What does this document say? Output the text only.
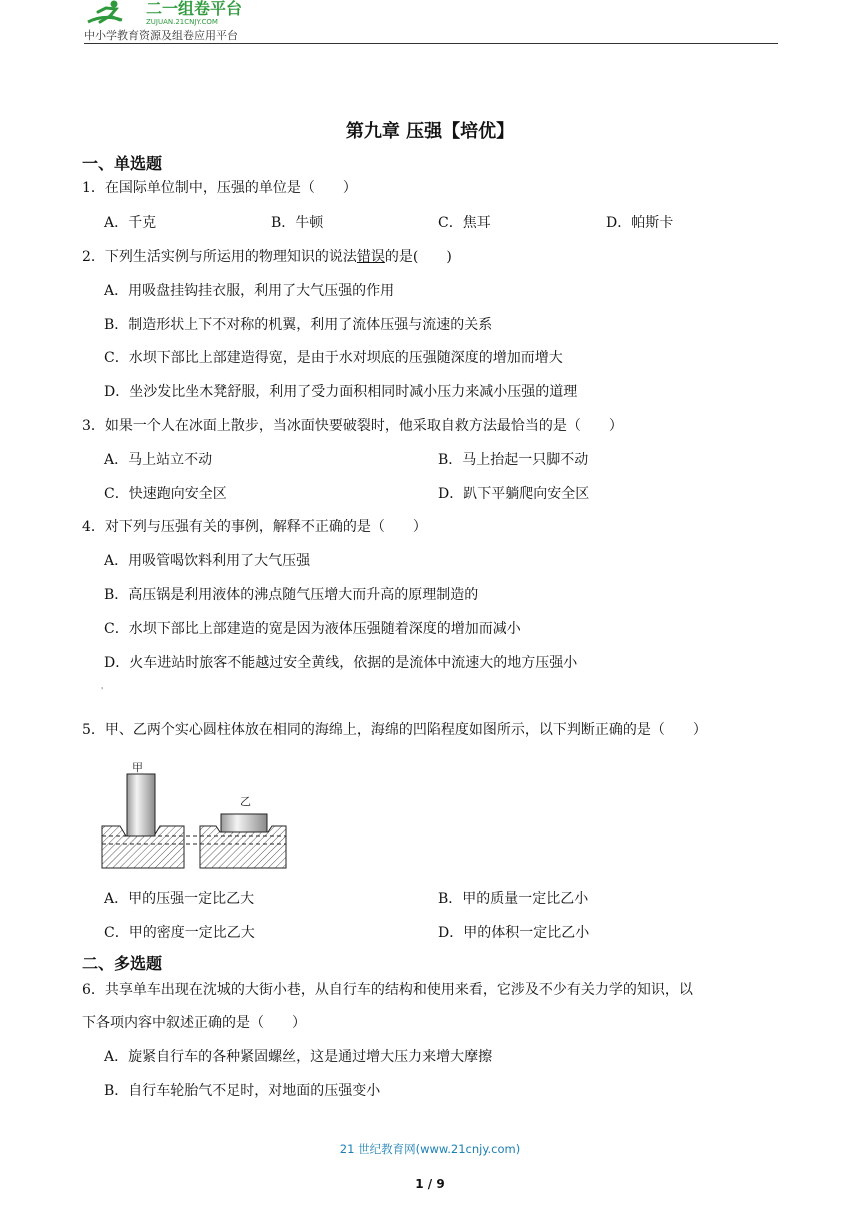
二一组卷平台
ZUJUAN.21CNJY.COM
中小学教育资源及组卷应用平台
第九章 压强【培优】
一、单选题
1．在国际单位制中，压强的单位是（　　）
A．千克	B．牛顿	C．焦耳	D．帕斯卡
2．下列生活实例与所运用的物理知识的说法错误的是(　　)
A．用吸盘挂钩挂衣服，利用了大气压强的作用
B．制造形状上下不对称的机翼，利用了流体压强与流速的关系
C．水坝下部比上部建造得宽，是由于水对坝底的压强随深度的增加而增大
D．坐沙发比坐木凳舒服，利用了受力面积相同时减小压力来减小压强的道理
3．如果一个人在冰面上散步，当冰面快要破裂时，他采取自救方法最恰当的是（　　）
A．马上站立不动	B．马上抬起一只脚不动
C．快速跑向安全区	D．趴下平躺爬向安全区
4．对下列与压强有关的事例，解释不正确的是（　　）
A．用吸管喝饮料利用了大气压强
B．高压锅是利用液体的沸点随气压增大而升高的原理制造的
C．水坝下部比上部建造的宽是因为液体压强随着深度的增加而减小
D．火车进站时旅客不能越过安全黄线，依据的是流体中流速大的地方压强小
'
5．甲、乙两个实心圆柱体放在相同的海绵上，海绵的凹陷程度如图所示，以下判断正确的是（　　）
甲
乙
A．甲的压强一定比乙大	B．甲的质量一定比乙小
C．甲的密度一定比乙大	D．甲的体积一定比乙小
二、多选题
6．共享单车出现在沈城的大街小巷，从自行车的结构和使用来看，它涉及不少有关力学的知识，以
下各项内容中叙述正确的是（　　）
A．旋紧自行车的各种紧固螺丝，这是通过增大压力来增大摩擦
B．自行车轮胎气不足时，对地面的压强变小
21 世纪教育网(www.21cnjy.com)
1 / 9
